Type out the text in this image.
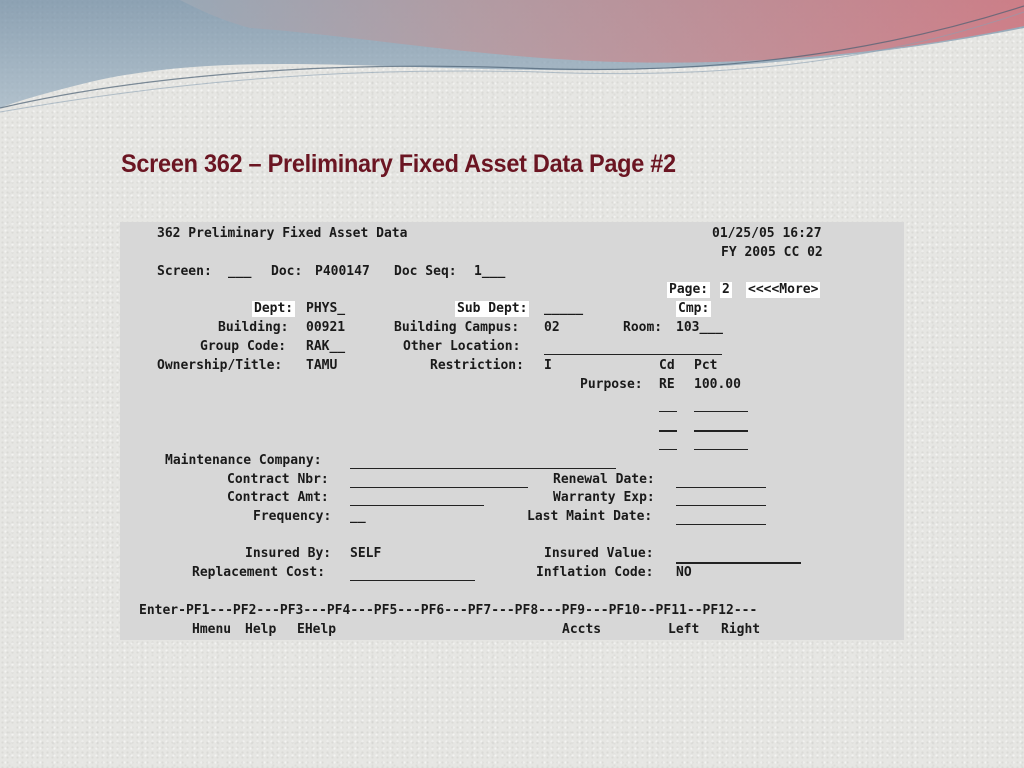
Screen 362 – Preliminary Fixed Asset Data Page #2
362 Preliminary Fixed Asset Data	01/25/05 16:27
FY 2005 CC 02
Screen: ___ Doc: P400147 Doc Seq: 1___
Page: 2 <<<<More>
Dept: PHYS_	Sub Dept: _____	Cmp:
Building: 00921	Building Campus: 02	Room: 103___
Group Code: RAK__	Other Location:
Ownership/Title: TAMU	Restriction: I	Cd Pct
Purpose: RE 100.00
Maintenance Company:
Contract Nbr:	Renewal Date:
Contract Amt:	Warranty Exp:
Frequency: __	Last Maint Date:
Insured By: SELF	Insured Value:
Replacement Cost:	Inflation Code: NO
Enter-PF1---PF2---PF3---PF4---PF5---PF6---PF7---PF8---PF9---PF10--PF11--PF12---
Hmenu Help EHelp	Accts	Left Right
